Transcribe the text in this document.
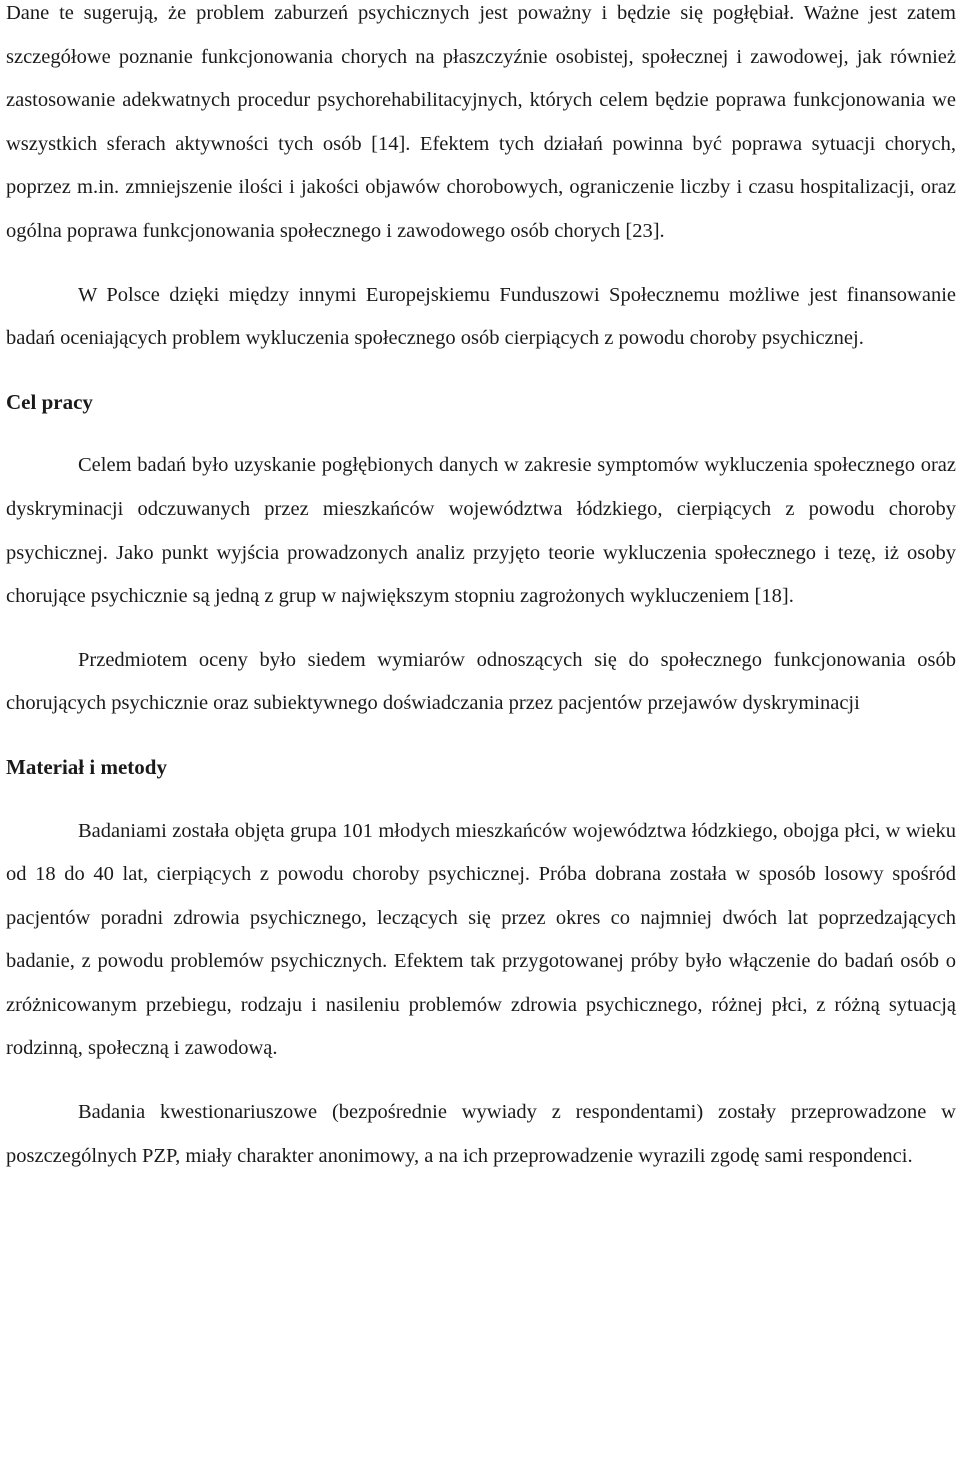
Dane te sugerują, że problem zaburzeń psychicznych jest poważny i będzie się pogłębiał. Ważne jest zatem szczegółowe poznanie funkcjonowania chorych na płaszczyźnie osobistej, społecznej i zawodowej, jak również zastosowanie adekwatnych procedur psychorehabilitacyjnych, których celem będzie poprawa funkcjonowania we wszystkich sferach aktywności tych osób [14]. Efektem tych działań powinna być poprawa sytuacji chorych, poprzez m.in. zmniejszenie ilości i jakości objawów chorobowych, ograniczenie liczby i czasu hospitalizacji, oraz ogólna poprawa funkcjonowania społecznego i zawodowego osób chorych [23].

W Polsce dzięki między innymi Europejskiemu Funduszowi Społecznemu możliwe jest finansowanie badań oceniających problem wykluczenia społecznego osób cierpiących z powodu choroby psychicznej.

Cel pracy

Celem badań było uzyskanie pogłębionych danych w zakresie symptomów wykluczenia społecznego oraz dyskryminacji odczuwanych przez mieszkańców województwa łódzkiego, cierpiących z powodu choroby psychicznej. Jako punkt wyjścia prowadzonych analiz przyjęto teorie wykluczenia społecznego i tezę, iż osoby chorujące psychicznie są jedną z grup w największym stopniu zagrożonych wykluczeniem [18].

Przedmiotem oceny było siedem wymiarów odnoszących się do społecznego funkcjonowania osób chorujących psychicznie oraz subiektywnego doświadczania przez pacjentów przejawów dyskryminacji

Materiał i metody

Badaniami została objęta grupa 101 młodych mieszkańców województwa łódzkiego, obojga płci, w wieku od 18 do 40 lat, cierpiących z powodu choroby psychicznej. Próba dobrana została w sposób losowy spośród pacjentów poradni zdrowia psychicznego, leczących się przez okres co najmniej dwóch lat poprzedzających badanie, z powodu problemów psychicznych. Efektem tak przygotowanej próby było włączenie do badań osób o zróżnicowanym przebiegu, rodzaju i nasileniu problemów zdrowia psychicznego, różnej płci, z różną sytuacją rodzinną, społeczną i zawodową.

Badania kwestionariuszowe (bezpośrednie wywiady z respondentami) zostały przeprowadzone w poszczególnych PZP, miały charakter anonimowy, a na ich przeprowadzenie wyrazili zgodę sami respondenci.
